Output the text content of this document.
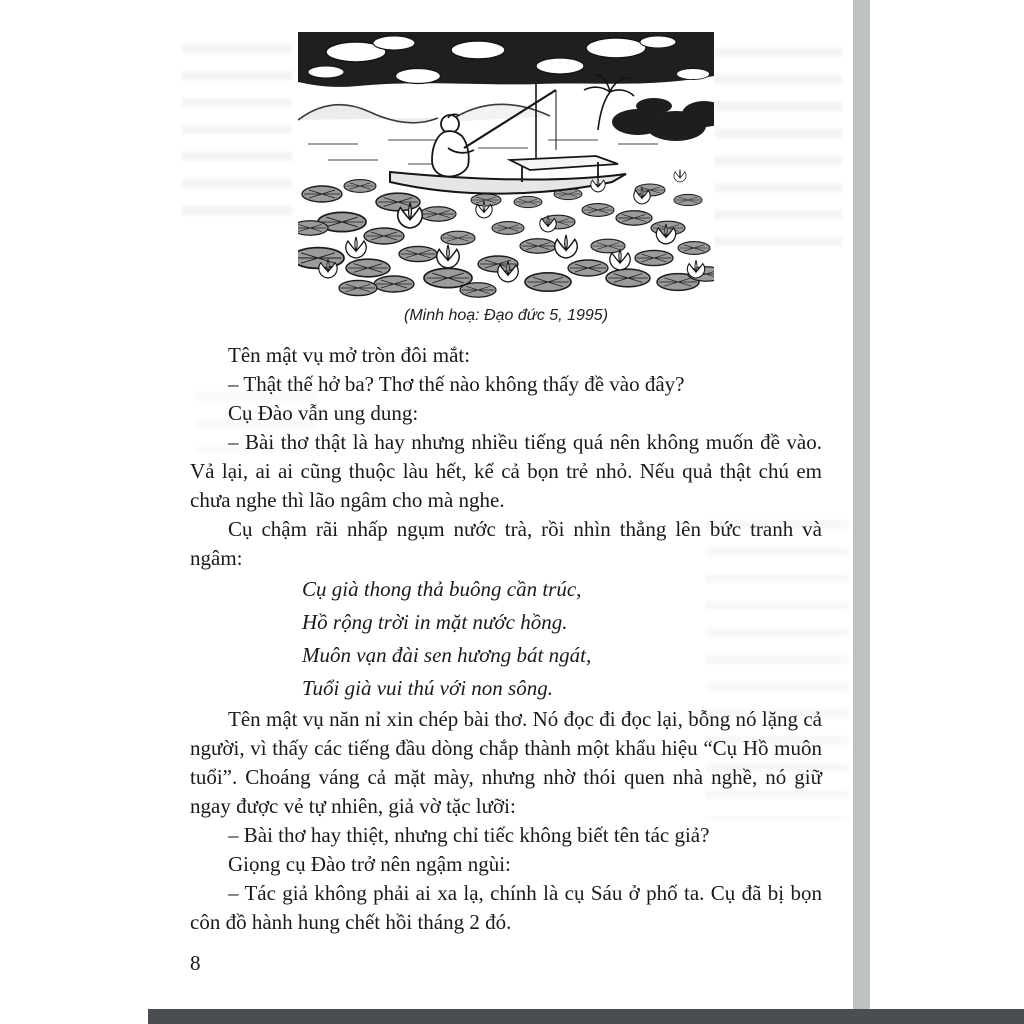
(Minh hoạ: Đạo đức 5, 1995)
Tên mật vụ mở tròn đôi mắt:
– Thật thế hở ba? Thơ thế nào không thấy đề vào đây?
Cụ Đào vẫn ung dung:
– Bài thơ thật là hay nhưng nhiều tiếng quá nên không muốn đề vào. Vả lại, ai ai cũng thuộc làu hết, kể cả bọn trẻ nhỏ. Nếu quả thật chú em chưa nghe thì lão ngâm cho mà nghe.
Cụ chậm rãi nhấp ngụm nước trà, rồi nhìn thẳng lên bức tranh và ngâm:
Cụ già thong thả buông cần trúc,
Hồ rộng trời in mặt nước hồng.
Muôn vạn đài sen hương bát ngát,
Tuổi già vui thú với non sông.
Tên mật vụ năn nỉ xin chép bài thơ. Nó đọc đi đọc lại, bỗng nó lặng cả người, vì thấy các tiếng đầu dòng chắp thành một khẩu hiệu “Cụ Hồ muôn tuổi”. Choáng váng cả mặt mày, nhưng nhờ thói quen nhà nghề, nó giữ ngay được vẻ tự nhiên, giả vờ tặc lưỡi:
– Bài thơ hay thiệt, nhưng chỉ tiếc không biết tên tác giả?
Giọng cụ Đào trở nên ngậm ngùi:
– Tác giả không phải ai xa lạ, chính là cụ Sáu ở phố ta. Cụ đã bị bọn côn đồ hành hung chết hồi tháng 2 đó.
8
